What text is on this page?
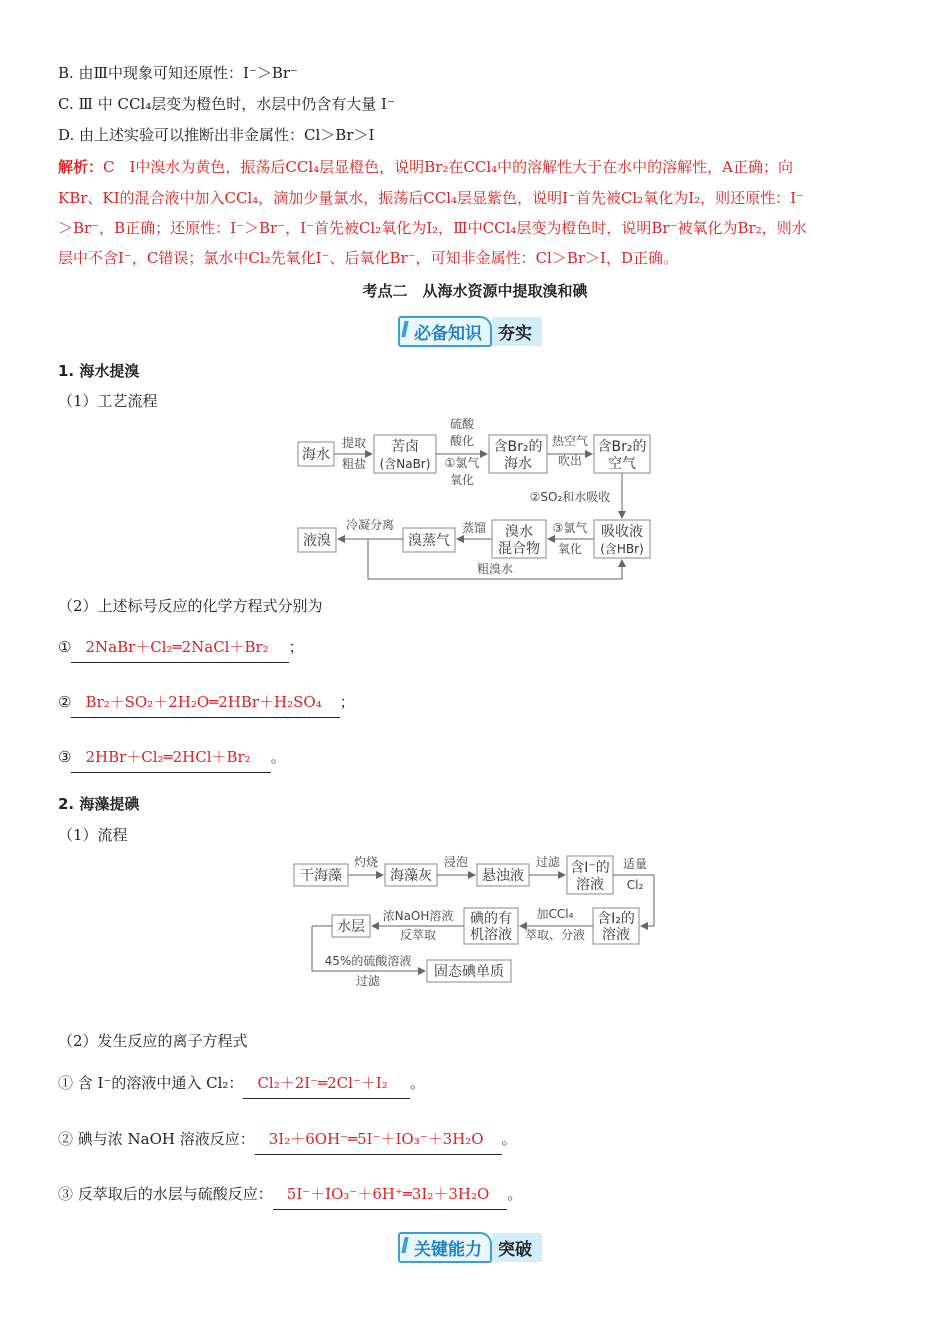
B. 由Ⅲ中现象可知还原性：I⁻＞Br⁻
C. Ⅲ 中 CCl₄层变为橙色时，水层中仍含有大量 I⁻
D. 由上述实验可以推断出非金属性：Cl＞Br＞I
解析：C　Ⅰ中溴水为黄色，振荡后CCl₄层显橙色，说明Br₂在CCl₄中的溶解性大于在水中的溶解性，A正确；向
KBr、KI的混合液中加入CCl₄，滴加少量氯水，振荡后CCl₄层显紫色，说明I⁻首先被Cl₂氧化为I₂，则还原性：I⁻
＞Br⁻，B正确；还原性：I⁻＞Br⁻，I⁻首先被Cl₂氧化为I₂，Ⅲ中CCl₄层变为橙色时，说明Br⁻被氧化为Br₂，则水
层中不含I⁻，C错误；氯水中Cl₂先氧化I⁻、后氧化Br⁻，可知非金属性：Cl＞Br＞I，D正确。
考点二　从海水资源中提取溴和碘
必备知识 夯实
1. 海水提溴
（1）工艺流程
海水
提取
粗盐
苦卤
(含NaBr)
硫酸
酸化
①氯气
氧化
含Br₂的
海水
热空气
吹出
含Br₂的
空气
②SO₂和水吸收
吸收液
(含HBr)
③氯气
氧化
溴水
混合物
蒸馏
溴蒸气
冷凝分离
液溴
粗溴水
（2）上述标号反应的化学方程式分别为
① 2NaBr＋Cl₂═2NaCl＋Br₂ ；
② Br₂＋SO₂＋2H₂O═2HBr＋H₂SO₄ ；
③ 2HBr＋Cl₂═2HCl＋Br₂ 。
2. 海藻提碘
（1）流程
干海藻
灼烧
海藻灰
浸泡
悬浊液
过滤 含I⁻的
溶液
适量
Cl₂
含I₂的
溶液
加CCl₄
萃取、分液
碘的有
机溶液
浓NaOH溶液
反萃取
水层
45%的硫酸溶液
过滤
固态碘单质
（2）发生反应的离子方程式
① 含 I⁻的溶液中通入 Cl₂： Cl₂＋2I⁻═2Cl⁻＋I₂ 。
② 碘与浓 NaOH 溶液反应： 3I₂＋6OH⁻═5I⁻＋IO₃⁻＋3H₂O 。
③ 反萃取后的水层与硫酸反应： 5I⁻＋IO₃⁻＋6H⁺═3I₂＋3H₂O 。
关键能力 突破
